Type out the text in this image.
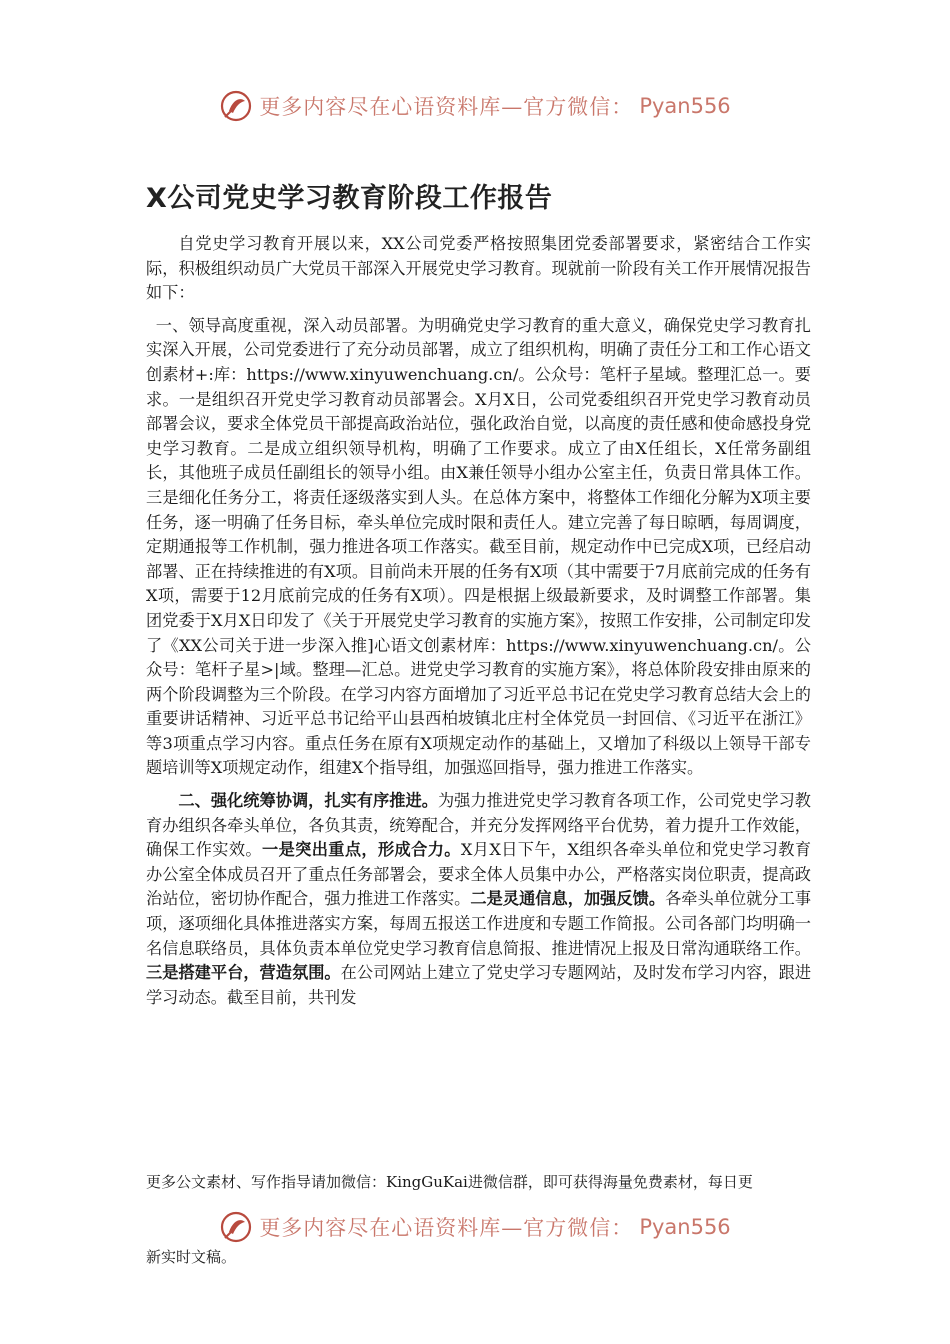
更多内容尽在心语资料库—官方微信： Pyan556
X公司党史学习教育阶段工作报告

自党史学习教育开展以来，XX公司党委严格按照集团党委部署要求，紧密结合工作实际，积极组织动员广大党员干部深入开展党史学习教育。现就前一阶段有关工作开展情况报告如下：

一、领导高度重视，深入动员部署。为明确党史学习教育的重大意义，确保党史学习教育扎实深入开展，公司党委进行了充分动员部署，成立了组织机构，明确了责任分工和工作心语文创素材+:库：https://www.xinyuwenchuang.cn/。公众号：笔杆子星域。整理汇总一。要求。一是组织召开党史学习教育动员部署会。X月X日，公司党委组织召开党史学习教育动员部署会议，要求全体党员干部提高政治站位，强化政治自觉，以高度的责任感和使命感投身党史学习教育。二是成立组织领导机构，明确了工作要求。成立了由X任组长，X任常务副组长，其他班子成员任副组长的领导小组。由X兼任领导小组办公室主任，负责日常具体工作。三是细化任务分工，将责任逐级落实到人头。在总体方案中，将整体工作细化分解为X项主要任务，逐一明确了任务目标，牵头单位完成时限和责任人。建立完善了每日晾晒，每周调度，定期通报等工作机制，强力推进各项工作落实。截至目前，规定动作中已完成X项，已经启动部署、正在持续推进的有X项。目前尚未开展的任务有X项（其中需要于7月底前完成的任务有X项，需要于12月底前完成的任务有X项）。四是根据上级最新要求，及时调整工作部署。集团党委于X月X日印发了《关于开展党史学习教育的实施方案》，按照工作安排，公司制定印发了《XX公司关于进一步深入推]心语文创素材库：https://www.xinyuwenchuang.cn/。公众号：笔杆子星>|域。整理—汇总。进党史学习教育的实施方案》，将总体阶段安排由原来的两个阶段调整为三个阶段。在学习内容方面增加了习近平总书记在党史学习教育总结大会上的重要讲话精神、习近平总书记给平山县西柏坡镇北庄村全体党员一封回信、《习近平在浙江》等3项重点学习内容。重点任务在原有X项规定动作的基础上，又增加了科级以上领导干部专题培训等X项规定动作，组建X个指导组，加强巡回指导，强力推进工作落实。

二、强化统筹协调，扎实有序推进。为强力推进党史学习教育各项工作，公司党史学习教育办组织各牵头单位，各负其责，统筹配合，并充分发挥网络平台优势，着力提升工作效能，确保工作实效。一是突出重点，形成合力。X月X日下午，X组织各牵头单位和党史学习教育办公室全体成员召开了重点任务部署会，要求全体人员集中办公，严格落实岗位职责，提高政治站位，密切协作配合，强力推进工作落实。二是灵通信息，加强反馈。各牵头单位就分工事项，逐项细化具体推进落实方案，每周五报送工作进度和专题工作简报。公司各部门均明确一名信息联络员，具体负责本单位党史学习教育信息简报、推进情况上报及日常沟通联络工作。三是搭建平台，营造氛围。在公司网站上建立了党史学习专题网站，及时发布学习内容，跟进学习动态。截至目前，共刊发

更多公文素材、写作指导请加微信：KingGuKai进微信群，即可获得海量免费素材，每日更
更多内容尽在心语资料库—官方微信： Pyan556
新实时文稿。
